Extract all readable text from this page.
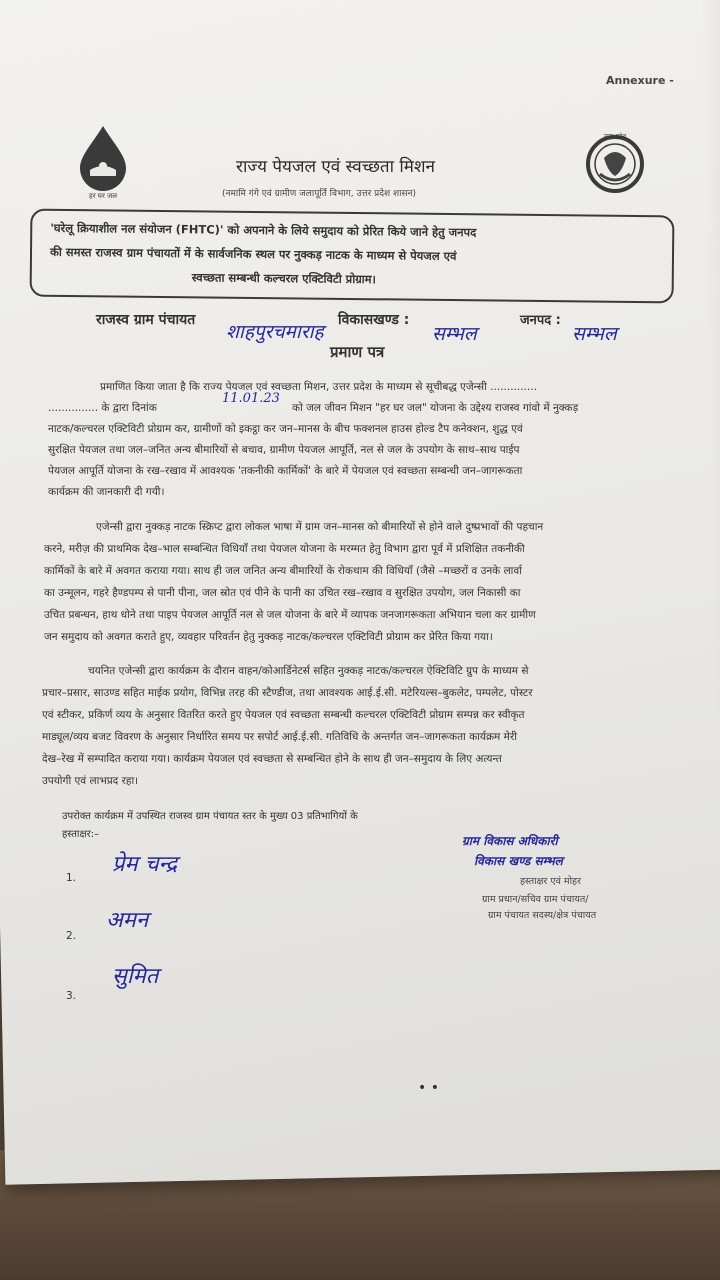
Annexure -
हर घर जल
उत्तर प्रदेश
राज्य पेयजल एवं स्वच्छता मिशन
(नमामि गंगे एवं ग्रामीण जलापूर्ति विभाग, उत्तर प्रदेश शासन)
'घरेलू क्रियाशील नल संयोजन (FHTC)' को अपनाने के लिये समुदाय को प्रेरित किये जाने हेतु जनपद
की समस्त राजस्व ग्राम पंचायतों में के सार्वजनिक स्थल पर नुक्कड़ नाटक के माध्यम से पेयजल एवं
स्वच्छता सम्बन्धी कल्चरल एक्टिविटी प्रोग्राम।
राजस्व ग्राम पंचायत
शाहपुरचमाराह
विकासखण्ड :
सम्भल
जनपद :
सम्भल
प्रमाण पत्र
प्रमाणित किया जाता है कि राज्य पेयजल एवं स्वच्छता मिशन, उत्तर प्रदेश के माध्यम से सूचीबद्ध एजेन्सी ..............
............... के द्वारा दिनांक
11.01.23
को जल जीवन मिशन "हर घर जल" योजना के उद्देश्य राजस्व गांवो में नुक्कड़
नाटक/कल्चरल एक्टिविटी प्रोग्राम कर, ग्रामीणों को इकट्ठा कर जन–मानस के बीच फक्शनल हाउस होल्ड टैप कनेक्शन, शुद्ध एवं
सुरक्षित पेयजल तथा जल–जनित अन्य बीमारियों से बचाव, ग्रामीण पेयजल आपूर्ति, नल से जल के उपयोग के साथ–साथ पाईप
पेयजल आपूर्ति योजना के रख–रखाव में आवश्यक 'तकनीकी कार्मिकों' के बारे में पेयजल एवं स्वच्छता सम्बन्धी जन–जागरूकता
कार्यक्रम की जानकारी दी गयी।
एजेन्सी द्वारा नुक्कड़ नाटक स्क्रिप्ट द्वारा लोकल भाषा में ग्राम जन–मानस को बीमारियों से होने वाले दुष्प्रभावों की पहचान
करने, मरीज़ की प्राथमिक देख–भाल सम्बन्धित विधियाँ तथा पेयजल योजना के मरम्मत हेतु विभाग द्वारा पूर्व में प्रशिक्षित तकनीकी
कार्मिकों के बारे में अवगत कराया गया। साथ ही जल जनित अन्य बीमारियों के रोकथाम की विधियाँ (जैसे –मच्छरों व उनके लार्वा
का उन्मूलन, गहरे हैण्डपम्प से पानी पीना, जल स्रोत एवं पीने के पानी का उचित रख–रखाव व सुरक्षित उपयोग, जल निकासी का
उचित प्रबन्धन, हाथ धोने तथा पाइप पेयजल आपूर्ति नल से जल योजना के बारे में व्यापक जनजागरूकता अभियान चला कर ग्रामीण
जन समुदाय को अवगत कराते हुए, व्यवहार परिवर्तन हेतु नुक्कड़ नाटक/कल्चरल एक्टिविटी प्रोग्राम कर प्रेरित किया गया।
चयनित एजेन्सी द्वारा कार्यक्रम के दौरान वाहन/कोआर्डिनेटर्स सहित नुक्कड़ नाटक/कल्चरल ऐक्टिविटि ग्रुप के माध्यम से
प्रचार–प्रसार, साउण्ड सहित माईक प्रयोग, विभिन्न तरह की स्टैण्डीज, तथा आवश्यक आई.ई.सी. मटेरियल्स–बुकलेट, पम्पलेट, पोस्टर
एवं स्टीकर, प्रकिर्ण व्यय के अनुसार वितरित करते हुए पेयजल एवं स्वच्छता सम्बन्धी कल्चरल एक्टिविटी प्रोग्राम सम्पन्न कर स्वीकृत
माड्यूल/व्यय बजट विवरण के अनुसार निर्धारित समय पर सपोर्ट आई.ई.सी. गतिविधि के अन्तर्गत जन–जागरूकता कार्यक्रम मेरी
देख–रेख में सम्पादित कराया गया। कार्यक्रम पेयजल एवं स्वच्छता से सम्बन्धित होने के साथ ही जन–समुदाय के लिए अत्यन्त
उपयोगी एवं लाभप्रद रहा।
उपरोक्त कार्यक्रम में उपस्थित राजस्व ग्राम पंचायत स्तर के मुख्य 03 प्रतिभागियों के
हस्ताक्षर:–
1.
प्रेम चन्द्र
2.
अमन
3.
सुमित
ग्राम विकास अधिकारी
विकास खण्ड सम्भल
हस्ताक्षर एवं मोहर
ग्राम प्रधान/सचिव ग्राम पंचायत/
ग्राम पंचायत सदस्य/क्षेत्र पंचायत
• •
